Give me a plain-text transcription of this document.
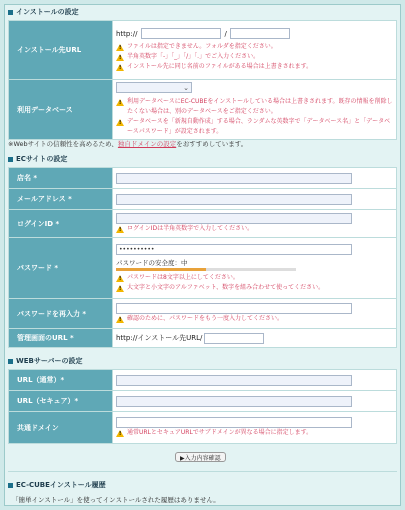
インストールの設定
インストール先URL	http:// /
!
ファイルは指定できません。フォルダを指定ください。
!
半角英数字「-」「_」「/」「.」でご入力ください。
!
インストール先に同じ名前のファイルがある場合は上書きされます。

利用データベース	⌄
!
利用データベースにEC-CUBEをインストールしている場合は上書きされます。既存の情報を削除したくない場合は、別のデータベースをご指定ください。
!
データベースを「新規自動作成」する場合、ランダムな英数字で「データベース名」と「データベースパスワード」が設定されます。
※Webサイトの信頼性を高めるため、独自ドメインの設定をおすすめしています。
ECサイトの設定
店名 *	
メールアドレス *	
ログインID *	
!
ログインIDは半角英数字で入力してください。

パスワード *	••••••••••
パスワードの安全度：中
!
パスワードは8文字以上にしてください。
!
大文字と小文字のアルファベット、数字を組み合わせて使ってください。

パスワードを再入力 *	
!
確認のために、パスワードをもう一度入力してください。

管理画面のURL *	http://インストール先URL/
WEBサーバーの設定
URL（通常）*	
URL（セキュア）*	
共通ドメイン	
!
通常URLとセキュアURLでサブドメインが異なる場合に指定します。
▶入力内容確認
EC-CUBEインストール履歴
「簡単インストール」を使ってインストールされた履歴はありません。
